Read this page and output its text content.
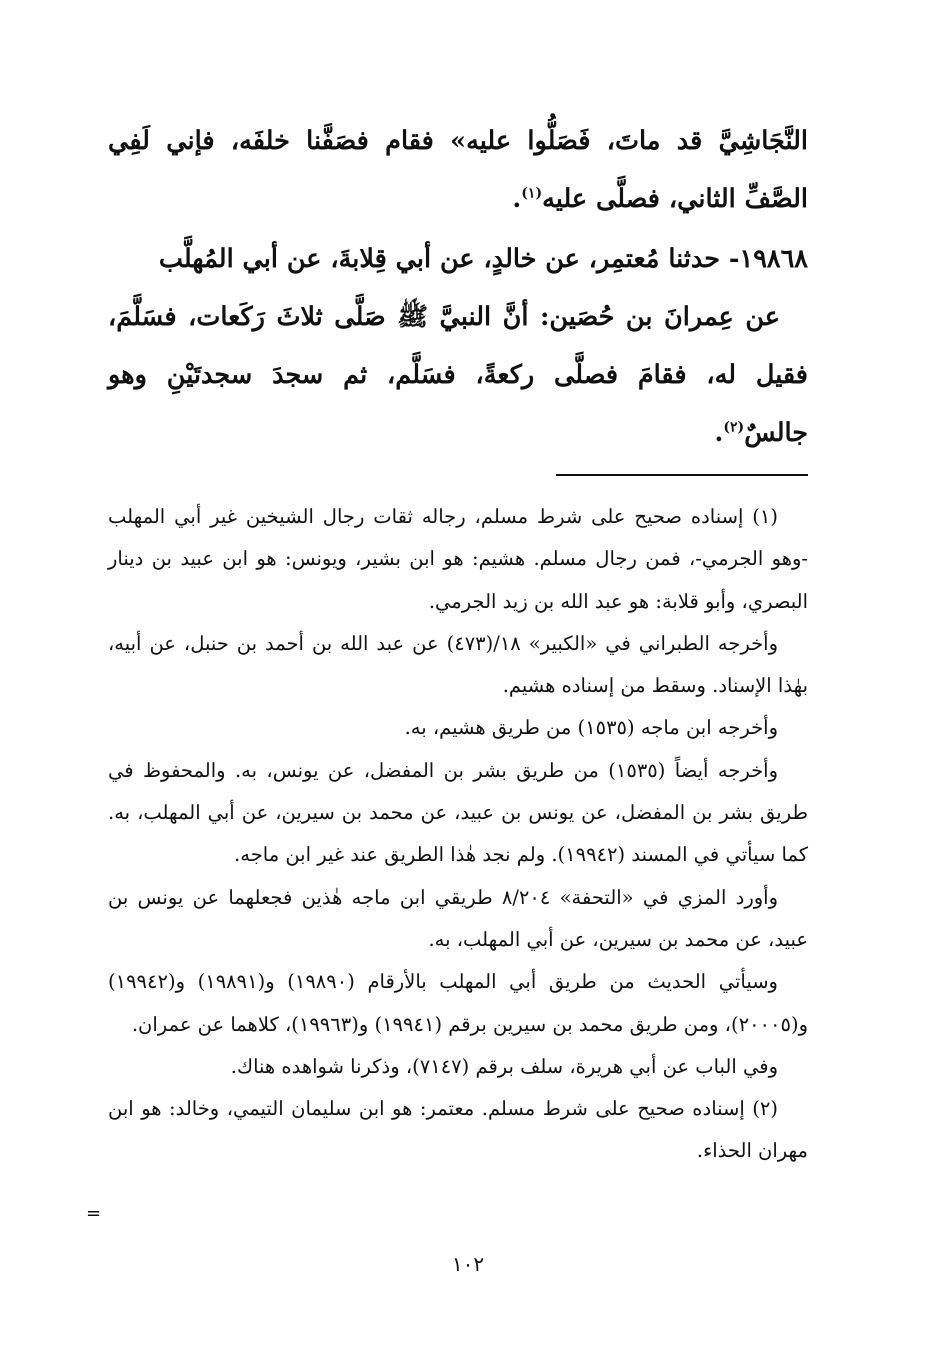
النَّجَاشِيَّ قد ماتَ، فَصَلُّوا عليه» فقام فصَفَّنا خلفَه، فإني لَفِي الصَّفِّ الثاني، فصلَّى عليه$^{(١)}$.

١٩٨٦٨- حدثنا مُعتمِر، عن خالدٍ، عن أبي قِلابةَ، عن أبي المُهلَّب

عن عِمرانَ بن حُصَين: أنَّ النبيَّ ﷺ صَلَّى ثلاثَ رَكَعات، فسَلَّمَ، فقيل له، فقامَ فصلَّى ركعةً، فسَلَّم، ثم سجدَ سجدتَيْنِ وهو جالسٌ$^{(٢)}$.

(١) إسناده صحيح على شرط مسلم، رجاله ثقات رجال الشيخين غير أبي المهلب -وهو الجرمي-، فمن رجال مسلم. هشيم: هو ابن بشير، ويونس: هو ابن عبيد بن دينار البصري، وأبو قلابة: هو عبد الله بن زيد الجرمي.

وأخرجه الطبراني في «الكبير» ١٨/(٤٧٣) عن عبد الله بن أحمد بن حنبل، عن أبيه، بهٰذا الإسناد. وسقط من إسناده هشيم.

وأخرجه ابن ماجه (١٥٣٥) من طريق هشيم، به.

وأخرجه أيضاً (١٥٣٥) من طريق بشر بن المفضل، عن يونس، به. والمحفوظ في طريق بشر بن المفضل، عن يونس بن عبيد، عن محمد بن سيرين، عن أبي المهلب، به. كما سيأتي في المسند (١٩٩٤٢). ولم نجد هٰذا الطريق عند غير ابن ماجه.

وأورد المزي في «التحفة» ٨/٢٠٤ طريقي ابن ماجه هٰذين فجعلهما عن يونس بن عبيد، عن محمد بن سيرين، عن أبي المهلب، به.

وسيأتي الحديث من طريق أبي المهلب بالأرقام (١٩٨٩٠) و(١٩٨٩١) و(١٩٩٤٢) و(٢٠٠٠٥)، ومن طريق محمد بن سيرين برقم (١٩٩٤١) و(١٩٩٦٣)، كلاهما عن عمران.

وفي الباب عن أبي هريرة، سلف برقم (٧١٤٧)، وذكرنا شواهده هناك.

(٢) إسناده صحيح على شرط مسلم. معتمر: هو ابن سليمان التيمي، وخالد: هو ابن مهران الحذاء.

=
١٠٢
